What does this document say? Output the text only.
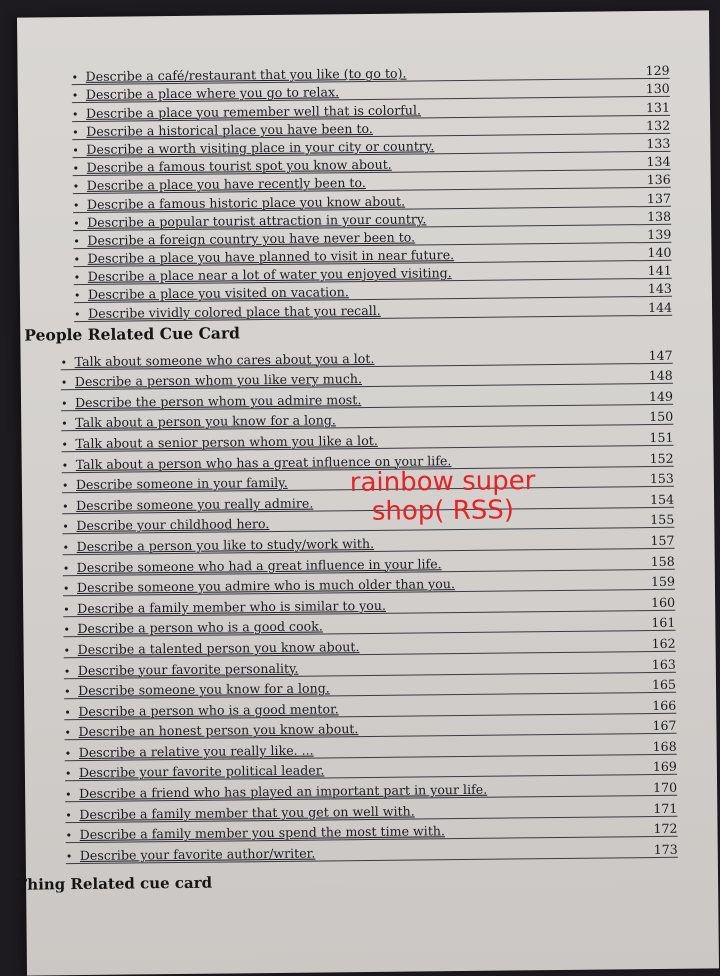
• Describe a café/restaurant that you like (to go to).	129
• Describe a place where you go to relax.	130
• Describe a place you remember well that is colorful.	131
• Describe a historical place you have been to.	132
• Describe a worth visiting place in your city or country.	133
• Describe a famous tourist spot you know about.	134
• Describe a place you have recently been to.	136
• Describe a famous historic place you know about.	137
• Describe a popular tourist attraction in your country.	138
• Describe a foreign country you have never been to.	139
• Describe a place you have planned to visit in near future.	140
• Describe a place near a lot of water you enjoyed visiting.	141
• Describe a place you visited on vacation.	143
• Describe vividly colored place that you recall.	144
People Related Cue Card
• Talk about someone who cares about you a lot.	147
• Describe a person whom you like very much.	148
• Describe the person whom you admire most.	149
• Talk about a person you know for a long.	150
• Talk about a senior person whom you like a lot.	151
• Talk about a person who has a great influence on your life.	152
• Describe someone in your family.	153
• Describe someone you really admire.	154
• Describe your childhood hero.	155
• Describe a person you like to study/work with.	157
• Describe someone who had a great influence in your life.	158
• Describe someone you admire who is much older than you.	159
• Describe a family member who is similar to you.	160
• Describe a person who is a good cook.	161
• Describe a talented person you know about.	162
• Describe your favorite personality.	163
• Describe someone you know for a long.	165
• Describe a person who is a good mentor.	166
• Describe an honest person you know about.	167
• Describe a relative you really like. ...	168
• Describe your favorite political leader.	169
• Describe a friend who has played an important part in your life.	170
• Describe a family member that you get on well with.	171
• Describe a family member you spend the most time with.	172
• Describe your favorite author/writer.	173
Thing Related cue card
rainbow super
shop( RSS)
